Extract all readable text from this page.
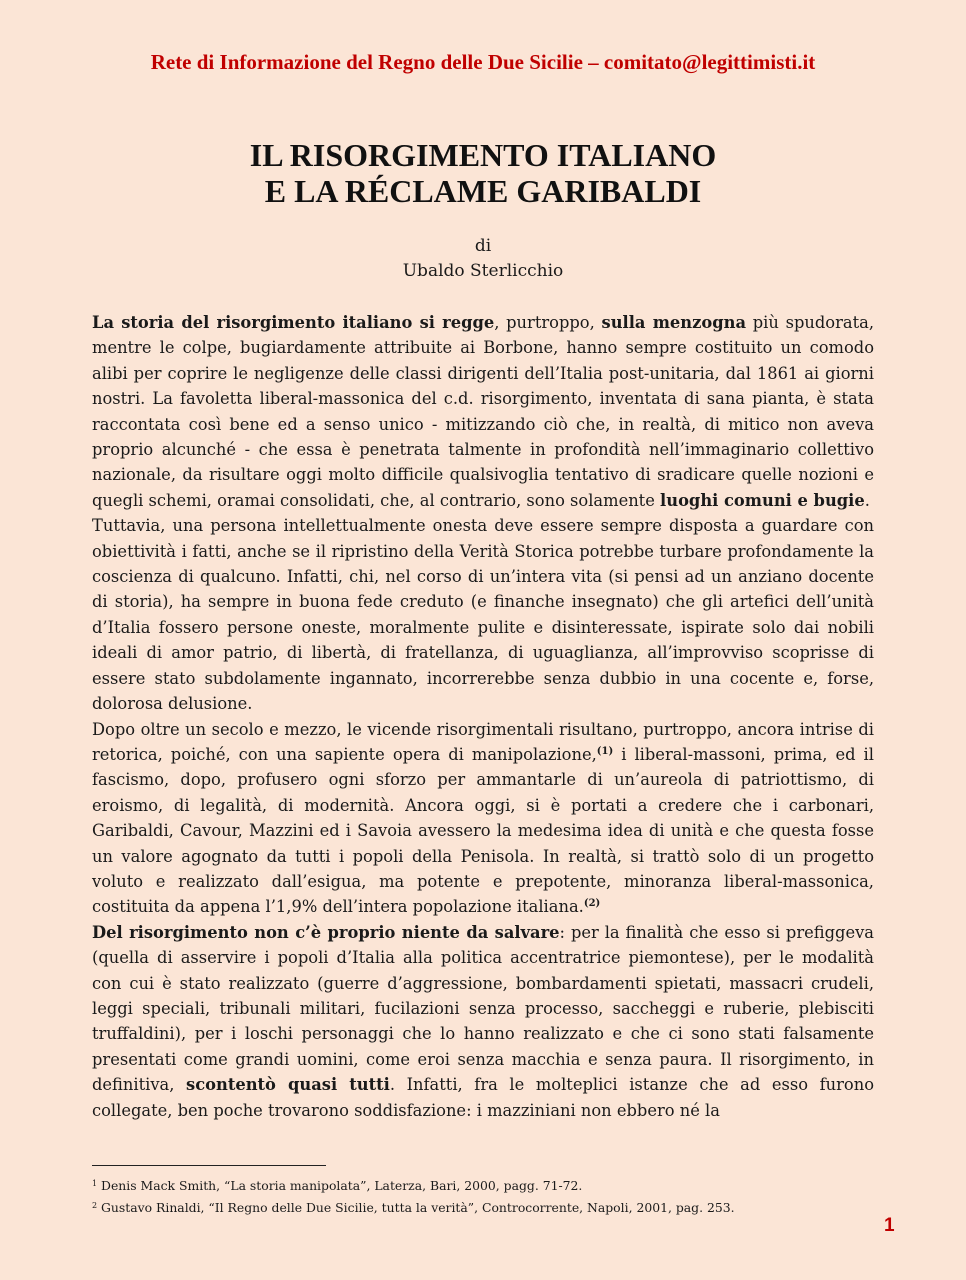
Rete di Informazione del Regno delle Due Sicilie – comitato@legittimisti.it
IL RISORGIMENTO ITALIANO
E LA RÉCLAME GARIBALDI
di
Ubaldo Sterlicchio

La storia del risorgimento italiano si regge, purtroppo, sulla menzogna più spudorata, mentre le colpe, bugiardamente attribuite ai Borbone, hanno sempre costituito un comodo alibi per coprire le negligenze delle classi dirigenti dell’Italia post-unitaria, dal 1861 ai giorni nostri. La favoletta liberal-massonica del c.d. risorgimento, inventata di sana pianta, è stata raccontata così bene ed a senso unico - mitizzando ciò che, in realtà, di mitico non aveva proprio alcunché - che essa è penetrata talmente in profondità nell’immaginario collettivo nazionale, da risultare oggi molto difficile qualsivoglia tentativo di sradicare quelle nozioni e quegli schemi, oramai consolidati, che, al contrario, sono solamente luoghi comuni e bugie.

Tuttavia, una persona intellettualmente onesta deve essere sempre disposta a guardare con obiettività i fatti, anche se il ripristino della Verità Storica potrebbe turbare profondamente la coscienza di qualcuno. Infatti, chi, nel corso di un’intera vita (si pensi ad un anziano docente di storia), ha sempre in buona fede creduto (e finanche insegnato) che gli artefici dell’unità d’Italia fossero persone oneste, moralmente pulite e disinteressate, ispirate solo dai nobili ideali di amor patrio, di libertà, di fratellanza, di uguaglianza, all’improvviso scoprisse di essere stato subdolamente ingannato, incorrerebbe senza dubbio in una cocente e, forse, dolorosa delusione.

Dopo oltre un secolo e mezzo, le vicende risorgimentali risultano, purtroppo, ancora intrise di retorica, poiché, con una sapiente opera di manipolazione,$^{(1)}$ i liberal-massoni, prima, ed il fascismo, dopo, profusero ogni sforzo per ammantarle di un’aureola di patriottismo, di eroismo, di legalità, di modernità. Ancora oggi, si è portati a credere che i carbonari, Garibaldi, Cavour, Mazzini ed i Savoia avessero la medesima idea di unità e che questa fosse un valore agognato da tutti i popoli della Penisola. In realtà, si trattò solo di un progetto voluto e realizzato dall’esigua, ma potente e prepotente, minoranza liberal-massonica, costituita da appena l’1,9% dell’intera popolazione italiana.$^{(2)}$

Del risorgimento non c’è proprio niente da salvare: per la finalità che esso si prefiggeva (quella di asservire i popoli d’Italia alla politica accentratrice piemontese), per le modalità con cui è stato realizzato (guerre d’aggressione, bombardamenti spietati, massacri crudeli, leggi speciali, tribunali militari, fucilazioni senza processo, saccheggi e ruberie, plebisciti truffaldini), per i loschi personaggi che lo hanno realizzato e che ci sono stati falsamente presentati come grandi uomini, come eroi senza macchia e senza paura. Il risorgimento, in definitiva, scontentò quasi tutti. Infatti, fra le molteplici istanze che ad esso furono collegate, ben poche trovarono soddisfazione: i mazziniani non ebbero né la

$^1$ Denis Mack Smith, “La storia manipolata”, Laterza, Bari, 2000, pagg. 71-72.
$^2$ Gustavo Rinaldi, “Il Regno delle Due Sicilie, tutta la verità”, Controcorrente, Napoli, 2001, pag. 253.
1
